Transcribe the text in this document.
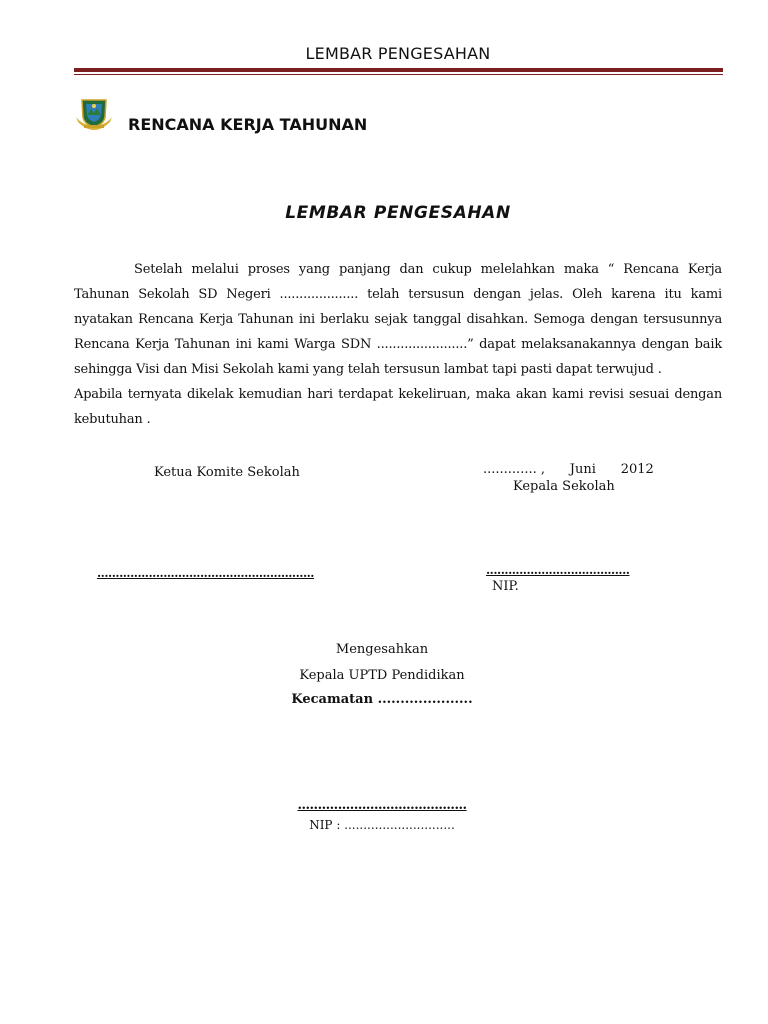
LEMBAR PENGESAHAN
RENCANA KERJA TAHUNAN
LEMBAR PENGESAHAN

Setelah melalui proses yang panjang dan cukup melelahkan maka “ Rencana Kerja Tahunan Sekolah SD Negeri .................... telah tersusun dengan jelas. Oleh karena itu kami nyatakan Rencana Kerja Tahunan ini berlaku sejak tanggal disahkan. Semoga dengan tersusunnya Rencana Kerja Tahunan ini kami Warga SDN .......................” dapat melaksanakannya dengan baik sehingga Visi dan Misi Sekolah kami yang telah tersusun lambat tapi pasti dapat terwujud .

Apabila ternyata dikelak kemudian hari terdapat kekeliruan, maka akan kami revisi sesuai dengan kebutuhan .

Ketua Komite Sekolah	............. , Juni 2012
Kepala Sekolah
...........................................................	.......................................
NIP.
Mengesahkan
Kepala UPTD Pendidikan
Kecamatan .....................
..........................................
NIP : .............................
